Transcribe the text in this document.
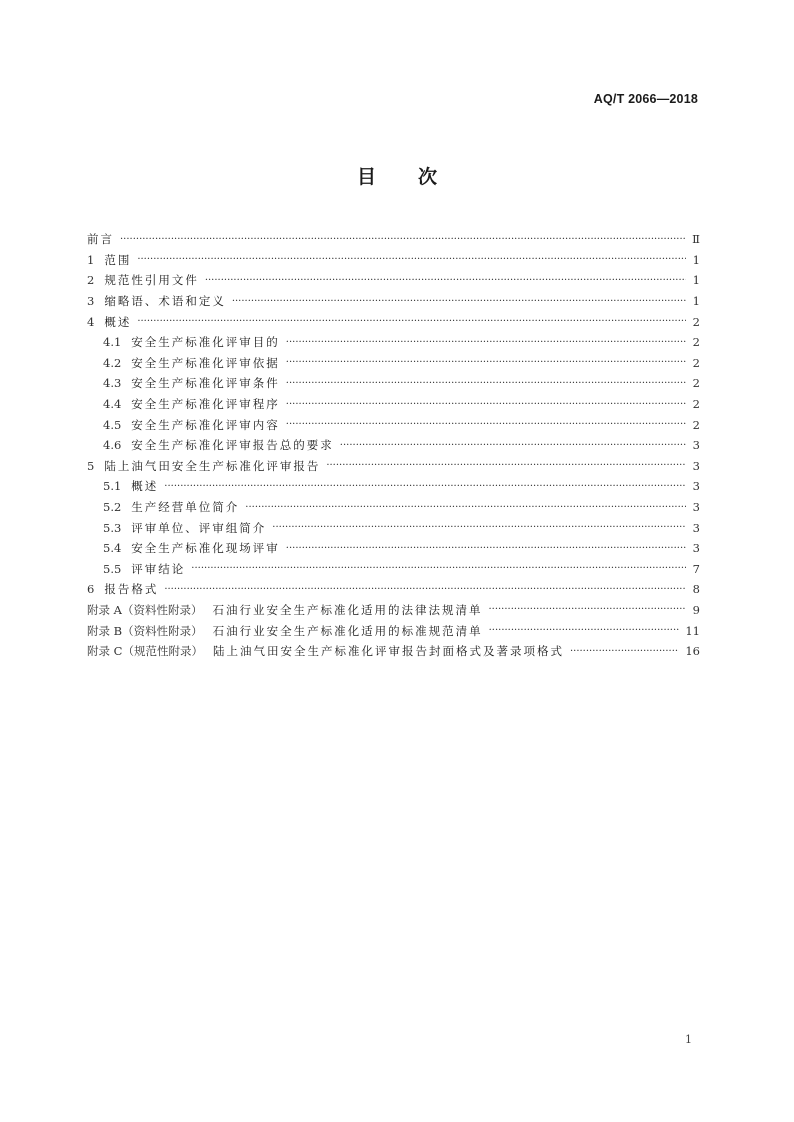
AQ/T 2066—2018
目 次
前言 ·····	Ⅱ
1 范围 ·····	1
2 规范性引用文件 ·····	1
3 缩略语、术语和定义 ·····	1
4 概述 ·····	2
4.1 安全生产标准化评审目的 ·····	2
4.2 安全生产标准化评审依据 ·····	2
4.3 安全生产标准化评审条件 ·····	2
4.4 安全生产标准化评审程序 ·····	2
4.5 安全生产标准化评审内容 ·····	2
4.6 安全生产标准化评审报告总的要求 ·····	3
5 陆上油气田安全生产标准化评审报告 ·····	3
5.1 概述 ·····	3
5.2 生产经营单位简介 ·····	3
5.3 评审单位、评审组简介 ·····	3
5.4 安全生产标准化现场评审 ·····	3
5.5 评审结论 ·····	7
6 报告格式 ·····	8
附录 A（资料性附录） 石油行业安全生产标准化适用的法律法规清单 ·····	9
附录 B（资料性附录） 石油行业安全生产标准化适用的标准规范清单 ·····	11
附录 C（规范性附录） 陆上油气田安全生产标准化评审报告封面格式及著录项格式 ·····	16
1
